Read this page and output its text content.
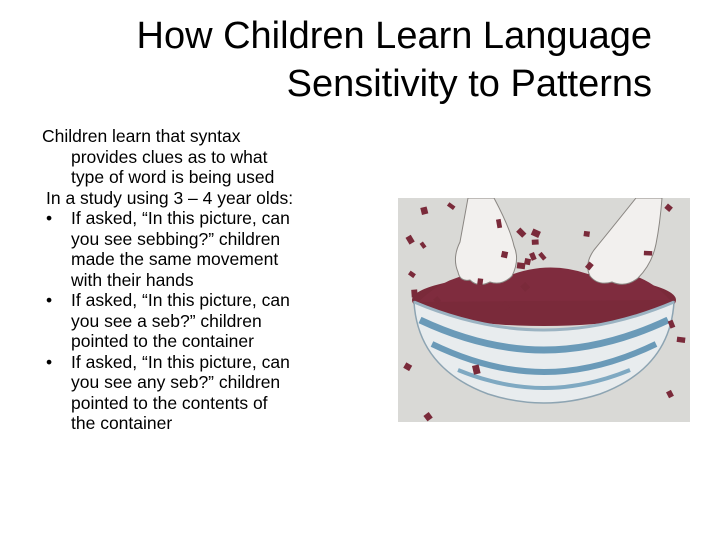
How Children Learn Language
Sensitivity to Patterns
Children learn that syntax
provides clues as to what
type of word is being used
In a study using 3 – 4 year olds:
• If asked, “In this picture, can
you see sebbing?” children
made the same movement
with their hands
• If asked, “In this picture, can
you see a seb?” children
pointed to the container
• If asked, “In this picture, can
you see any seb?” children
pointed to the contents of
the container
